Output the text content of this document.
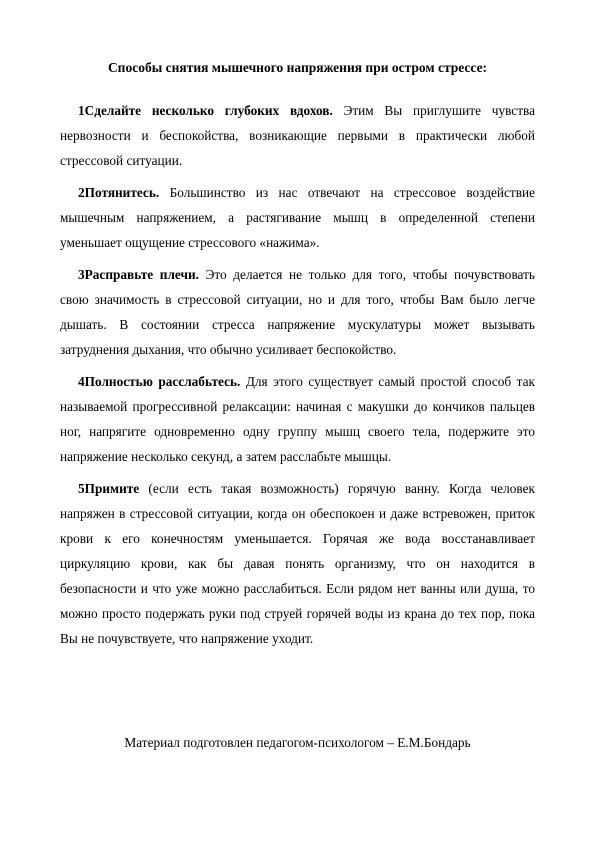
Способы снятия мышечного напряжения при остром стрессе:

1Сделайте несколько глубоких вдохов. Этим Вы приглушите чувства нервозности и беспокойства, возникающие первыми в практически любой стрессовой ситуации.

2Потянитесь. Большинство из нас отвечают на стрессовое воздействие мышечным напряжением, а растягивание мышц в определенной степени уменьшает ощущение стрессового «нажима».

3Расправьте плечи. Это делается не только для того, чтобы почувствовать свою значимость в стрессовой ситуации, но и для того, чтобы Вам было легче дышать. В состоянии стресса напряжение мускулатуры может вызывать затруднения дыхания, что обычно усиливает беспокойство.

4Полностью расслабьтесь. Для этого существует самый простой способ так называемой прогрессивной релаксации: начиная с макушки до кончиков пальцев ног, напрягите одновременно одну группу мышц своего тела, подержите это напряжение несколько секунд, а затем расслабьте мышцы.

5Примите (если есть такая возможность) горячую ванну. Когда человек напряжен в стрессовой ситуации, когда он обеспокоен и даже встревожен, приток крови к его конечностям уменьшается. Горячая же вода восстанавливает циркуляцию крови, как бы давая понять организму, что он находится в безопасности и что уже можно расслабиться. Если рядом нет ванны или душа, то можно просто подержать руки под струей горячей воды из крана до тех пор, пока Вы не почувствуете, что напряжение уходит.

Материал подготовлен педагогом-психологом – Е.М.Бондарь
